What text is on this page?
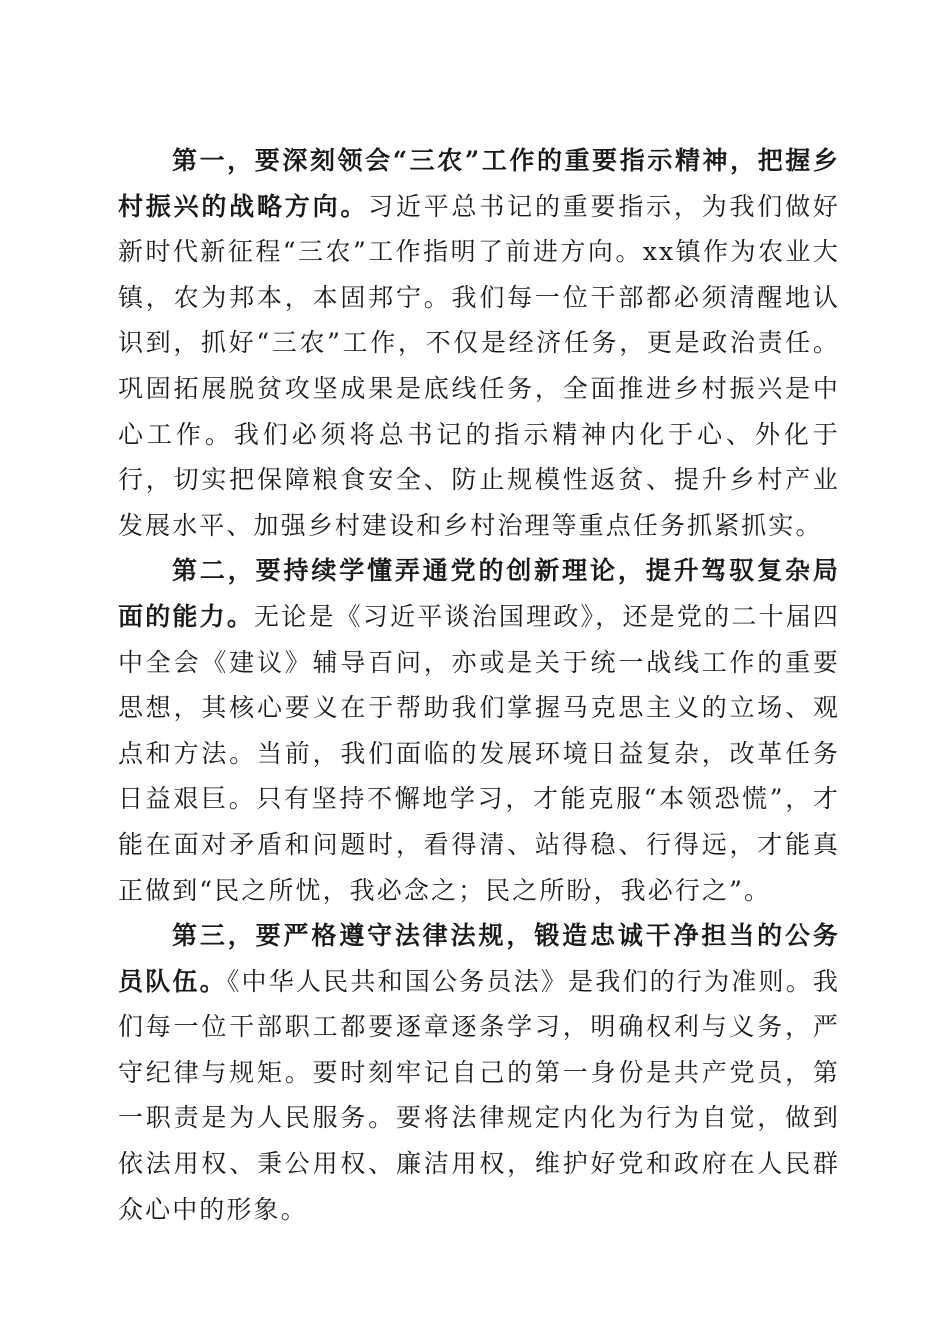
第一，要深刻领会“三农”工作的重要指示精神，把握乡村振兴的战略方向。习近平总书记的重要指示，为我们做好新时代新征程“三农”工作指明了前进方向。xx镇作为农业大镇，农为邦本，本固邦宁。我们每一位干部都必须清醒地认识到，抓好“三农”工作，不仅是经济任务，更是政治责任。巩固拓展脱贫攻坚成果是底线任务，全面推进乡村振兴是中心工作。我们必须将总书记的指示精神内化于心、外化于行，切实把保障粮食安全、防止规模性返贫、提升乡村产业发展水平、加强乡村建设和乡村治理等重点任务抓紧抓实。

第二，要持续学懂弄通党的创新理论，提升驾驭复杂局面的能力。无论是《习近平谈治国理政》，还是党的二十届四中全会《建议》辅导百问，亦或是关于统一战线工作的重要思想，其核心要义在于帮助我们掌握马克思主义的立场、观点和方法。当前，我们面临的发展环境日益复杂，改革任务日益艰巨。只有坚持不懈地学习，才能克服“本领恐慌”，才能在面对矛盾和问题时，看得清、站得稳、行得远，才能真正做到“民之所忧，我必念之；民之所盼，我必行之”。

第三，要严格遵守法律法规，锻造忠诚干净担当的公务员队伍。《中华人民共和国公务员法》是我们的行为准则。我们每一位干部职工都要逐章逐条学习，明确权利与义务，严守纪律与规矩。要时刻牢记自己的第一身份是共产党员，第一职责是为人民服务。要将法律规定内化为行为自觉，做到依法用权、秉公用权、廉洁用权，维护好党和政府在人民群众心中的形象。
